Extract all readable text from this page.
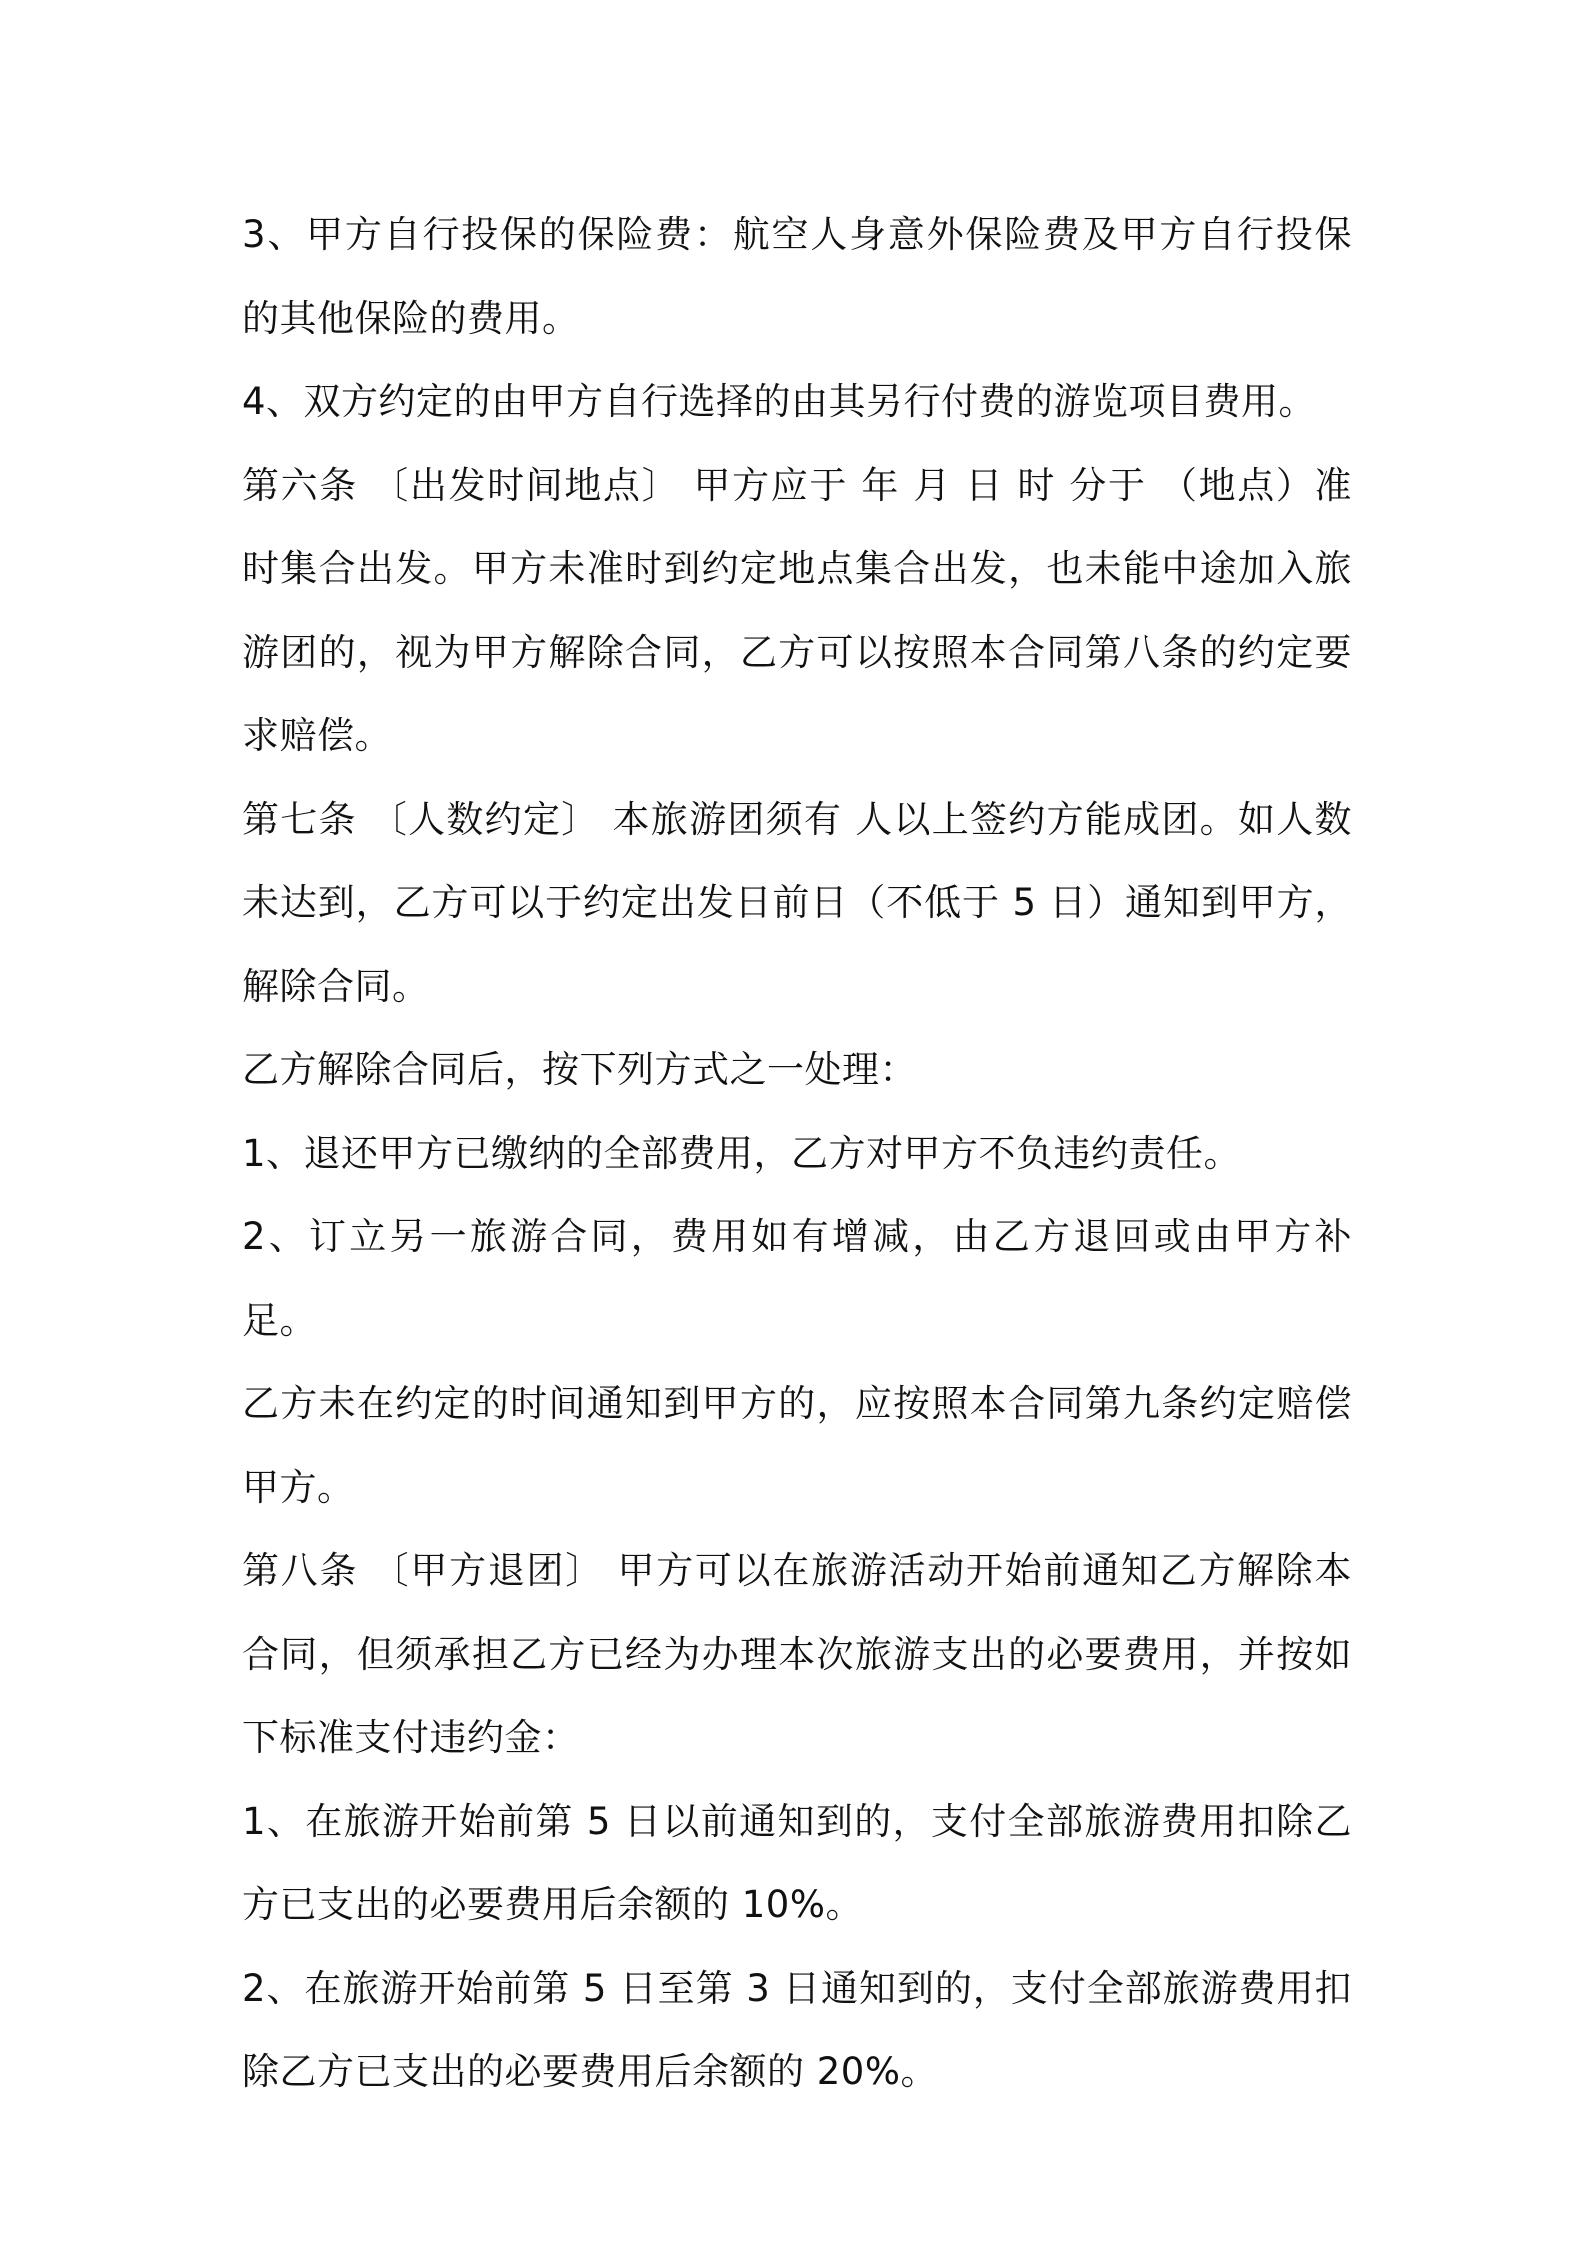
3、甲方自行投保的保险费：航空人身意外保险费及甲方自行投保的其他保险的费用。

4、双方约定的由甲方自行选择的由其另行付费的游览项目费用。

第六条 〔出发时间地点〕 甲方应于 年 月 日 时 分于 （地点）准时集合出发。甲方未准时到约定地点集合出发，也未能中途加入旅游团的，视为甲方解除合同，乙方可以按照本合同第八条的约定要求赔偿。

第七条 〔人数约定〕 本旅游团须有 人以上签约方能成团。如人数未达到，乙方可以于约定出发日前日（不低于 5 日）通知到甲方，解除合同。

乙方解除合同后，按下列方式之一处理：

1、退还甲方已缴纳的全部费用，乙方对甲方不负违约责任。

2、订立另一旅游合同，费用如有增减，由乙方退回或由甲方补足。

乙方未在约定的时间通知到甲方的，应按照本合同第九条约定赔偿甲方。

第八条 〔甲方退团〕 甲方可以在旅游活动开始前通知乙方解除本合同，但须承担乙方已经为办理本次旅游支出的必要费用，并按如下标准支付违约金：

1、在旅游开始前第 5 日以前通知到的，支付全部旅游费用扣除乙方已支出的必要费用后余额的 10%。

2、在旅游开始前第 5 日至第 3 日通知到的，支付全部旅游费用扣除乙方已支出的必要费用后余额的 20%。
